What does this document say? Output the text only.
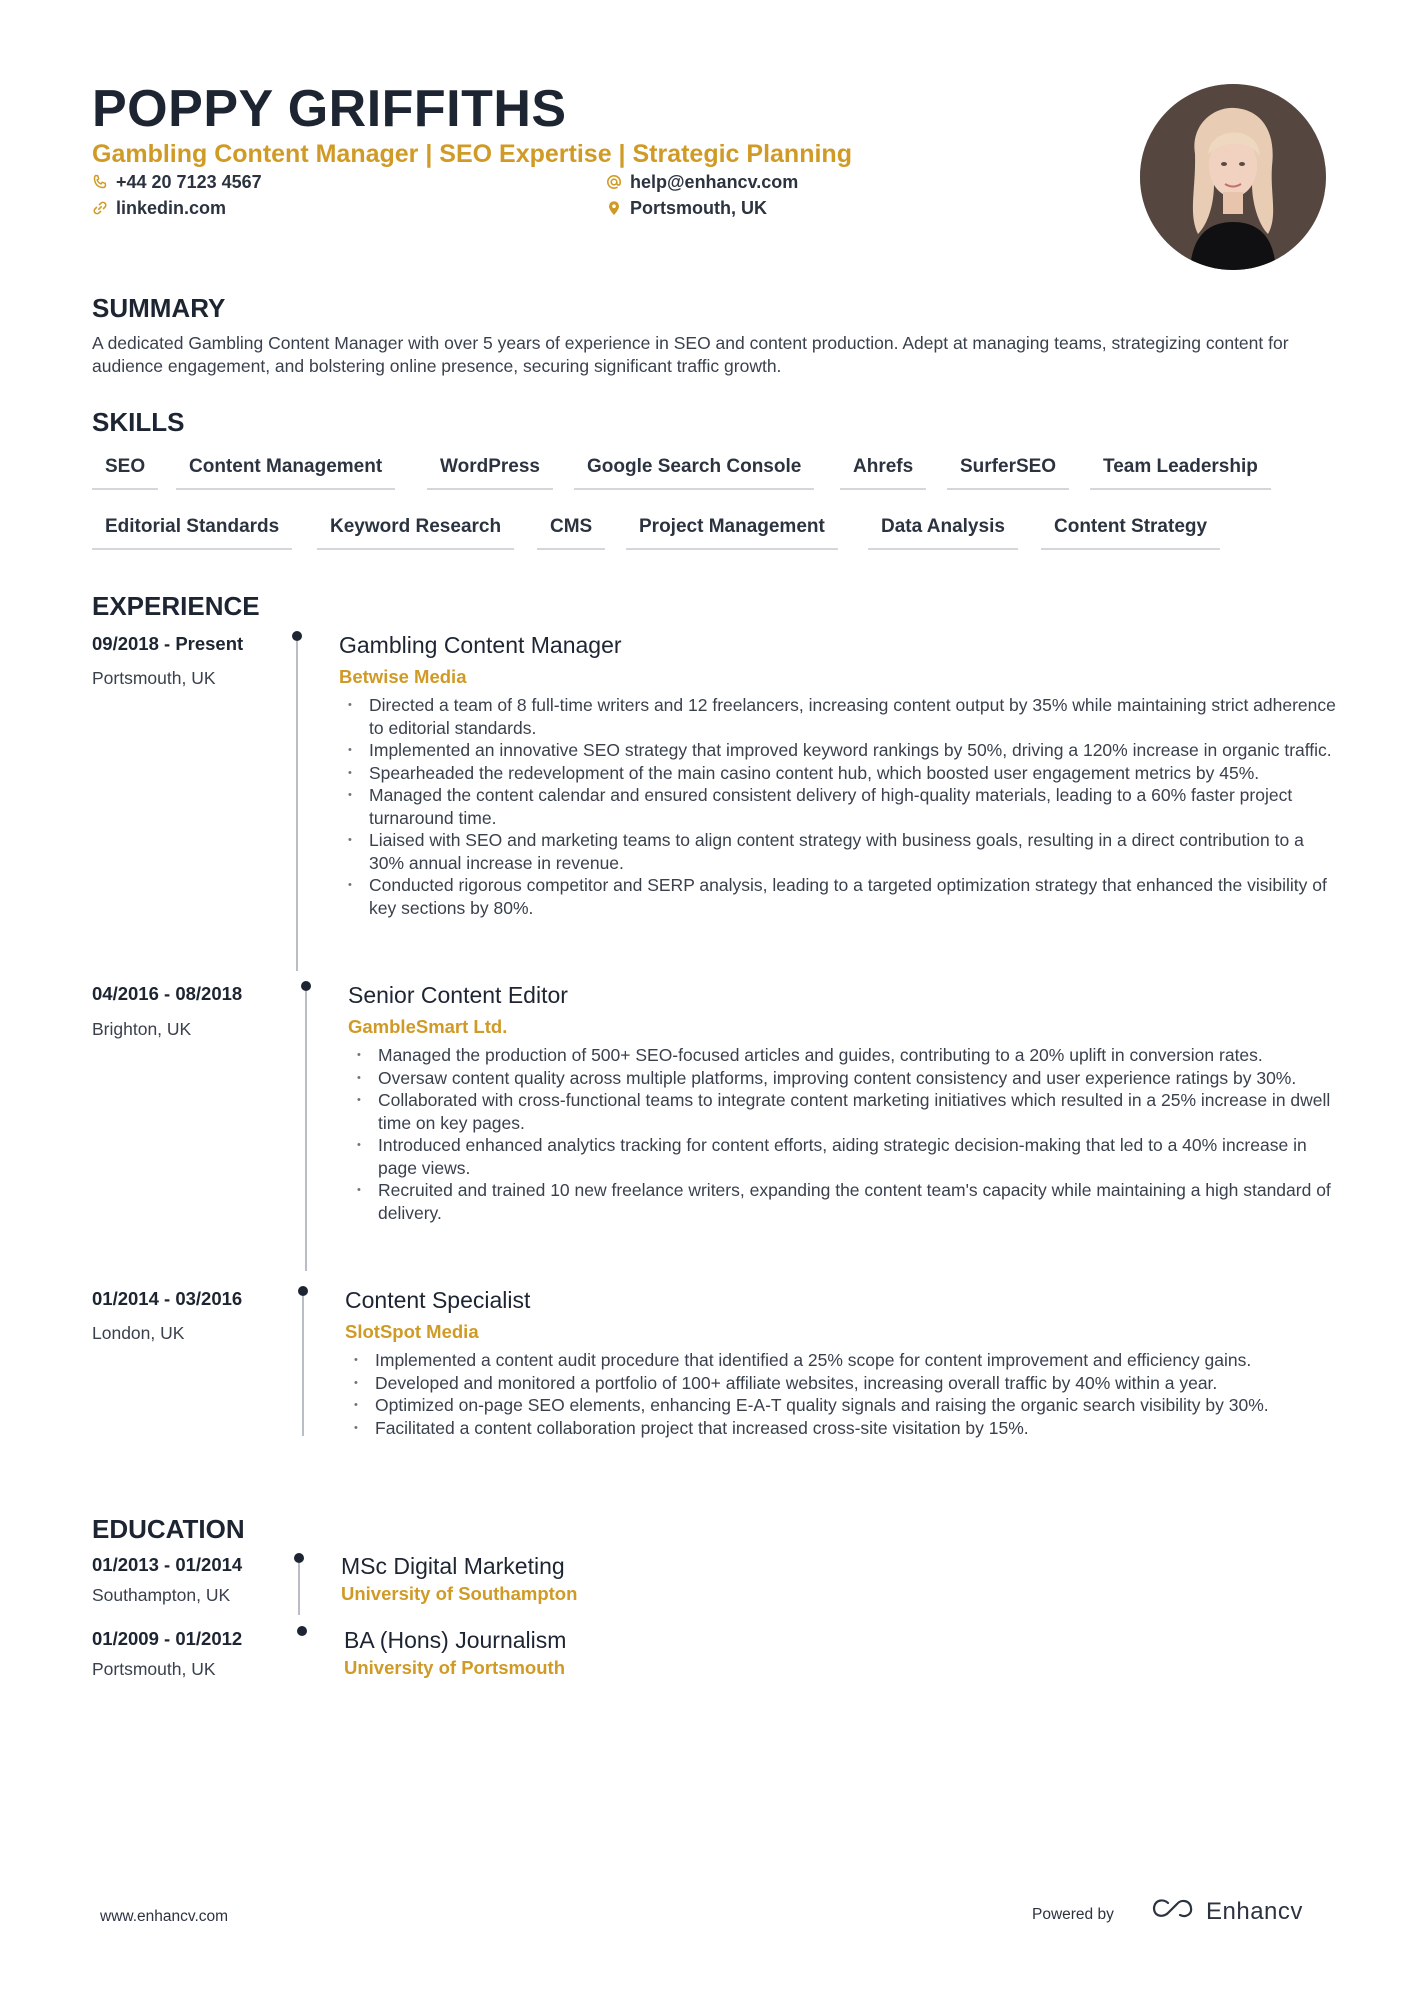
POPPY GRIFFITHS
Gambling Content Manager | SEO Expertise | Strategic Planning
+44 20 7123 4567	help@enhancv.com
linkedin.com	Portsmouth, UK
SUMMARY
A dedicated Gambling Content Manager with over 5 years of experience in SEO and content production. Adept at managing teams, strategizing content for audience engagement, and bolstering online presence, securing significant traffic growth.
SKILLS
SEO	Content Management	WordPress	Google Search Console	Ahrefs	SurferSEO	Team Leadership
Editorial Standards	Keyword Research	CMS	Project Management	Data Analysis	Content Strategy
EXPERIENCE
09/2018 - Present
Portsmouth, UK
Gambling Content Manager
Betwise Media
• Directed a team of 8 full-time writers and 12 freelancers, increasing content output by 35% while maintaining strict adherence to editorial standards.
• Implemented an innovative SEO strategy that improved keyword rankings by 50%, driving a 120% increase in organic traffic.
• Spearheaded the redevelopment of the main casino content hub, which boosted user engagement metrics by 45%.
• Managed the content calendar and ensured consistent delivery of high-quality materials, leading to a 60% faster project turnaround time.
• Liaised with SEO and marketing teams to align content strategy with business goals, resulting in a direct contribution to a 30% annual increase in revenue.
• Conducted rigorous competitor and SERP analysis, leading to a targeted optimization strategy that enhanced the visibility of key sections by 80%.
04/2016 - 08/2018
Brighton, UK
Senior Content Editor
GambleSmart Ltd.
• Managed the production of 500+ SEO-focused articles and guides, contributing to a 20% uplift in conversion rates.
• Oversaw content quality across multiple platforms, improving content consistency and user experience ratings by 30%.
• Collaborated with cross-functional teams to integrate content marketing initiatives which resulted in a 25% increase in dwell time on key pages.
• Introduced enhanced analytics tracking for content efforts, aiding strategic decision-making that led to a 40% increase in page views.
• Recruited and trained 10 new freelance writers, expanding the content team's capacity while maintaining a high standard of delivery.
01/2014 - 03/2016
London, UK
Content Specialist
SlotSpot Media
• Implemented a content audit procedure that identified a 25% scope for content improvement and efficiency gains.
• Developed and monitored a portfolio of 100+ affiliate websites, increasing overall traffic by 40% within a year.
• Optimized on-page SEO elements, enhancing E-A-T quality signals and raising the organic search visibility by 30%.
• Facilitated a content collaboration project that increased cross-site visitation by 15%.
EDUCATION
01/2013 - 01/2014
Southampton, UK
MSc Digital Marketing
University of Southampton
01/2009 - 01/2012
Portsmouth, UK
BA (Hons) Journalism
University of Portsmouth
www.enhancv.com	Powered by	Enhancv
